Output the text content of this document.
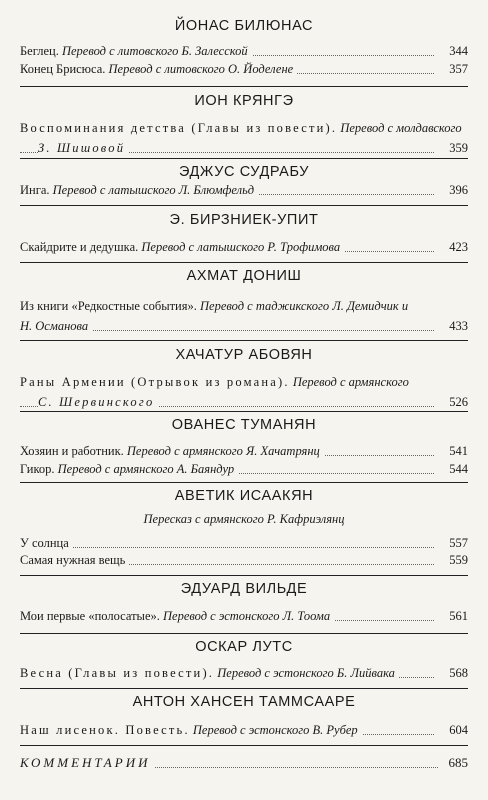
ЙОНАС БИЛЮНАС
Беглец. Перевод с литовского Б. Залесской	344
Конец Брисюса. Перевод с литовского О. Йоделене	357
ИОН КРЯНГЭ
Воспоминания детства (Главы из повести). Перевод с молдавского
З. Шишовой	359
ЭДЖУС СУДРАБУ
Инга. Перевод с латышского Л. Блюмфельд	396
Э. БИРЗНИЕК-УПИТ
Скайдрите и дедушка. Перевод с латышского Р. Трофимова	423
АХМАТ ДОНИШ
Из книги «Редкостные события». Перевод с таджикского Л. Демидчик и
Н. Османова	433
ХАЧАТУР АБОВЯН
Раны Армении (Отрывок из романа). Перевод с армянского
С. Шервинского	526
ОВАНЕС ТУМАНЯН
Хозяин и работник. Перевод с армянского Я. Хачатрянц	541
Гикор. Перевод с армянского А. Баяндур	544
АВЕТИК ИСААКЯН
Пересказ с армянского Р. Кафриэлянц
У солнца	557
Самая нужная вещь	559
ЭДУАРД ВИЛЬДЕ
Мои первые «полосатые». Перевод с эстонского Л. Тоома	561
ОСКАР ЛУТС
Весна (Главы из повести). Перевод с эстонского Б. Лийвака	568
АНТОН ХАНСЕН ТАММСААРЕ
Наш лисенок. Повесть. Перевод с эстонского В. Рубер	604
КОММЕНТАРИИ	685
